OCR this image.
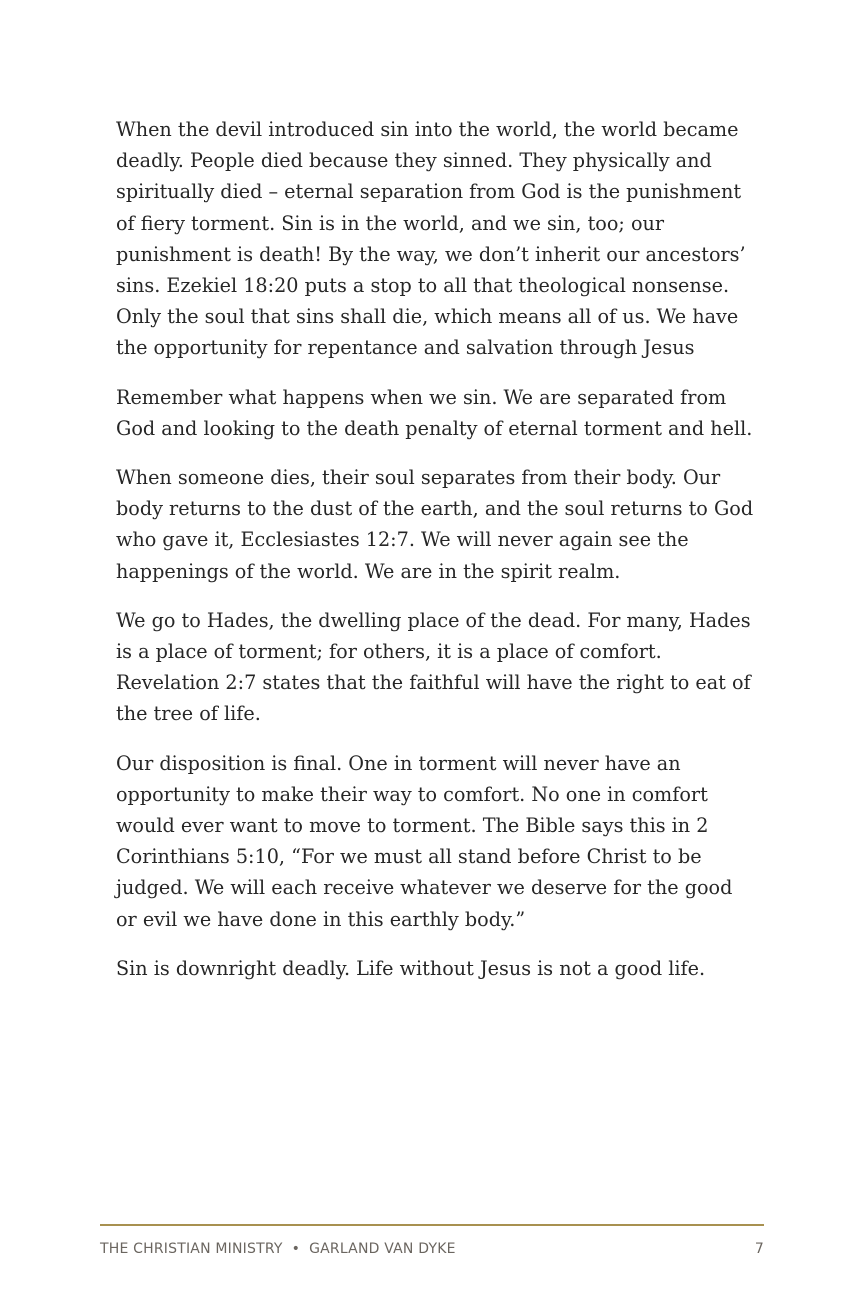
When the devil introduced sin into the world, the world became deadly. People died because they sinned. They physically and spiritually died – eternal separation from God is the punishment of fiery torment. Sin is in the world, and we sin, too; our punishment is death! By the way, we don’t inherit our ancestors’ sins. Ezekiel 18:20 puts a stop to all that theological nonsense. Only the soul that sins shall die, which means all of us. We have the opportunity for repentance and salvation through Jesus

Remember what happens when we sin. We are separated from God and looking to the death penalty of eternal torment and hell.

When someone dies, their soul separates from their body. Our body returns to the dust of the earth, and the soul returns to God who gave it, Ecclesiastes 12:7. We will never again see the happenings of the world. We are in the spirit realm.

We go to Hades, the dwelling place of the dead. For many, Hades is a place of torment; for others, it is a place of comfort. Revelation 2:7 states that the faithful will have the right to eat of the tree of life.

Our disposition is final. One in torment will never have an opportunity to make their way to comfort. No one in comfort would ever want to move to torment. The Bible says this in 2 Corinthians 5:10, “For we must all stand before Christ to be judged. We will each receive whatever we deserve for the good or evil we have done in this earthly body.”

Sin is downright deadly. Life without Jesus is not a good life.

THE CHRISTIAN MINISTRY • GARLAND VAN DYKE	7
